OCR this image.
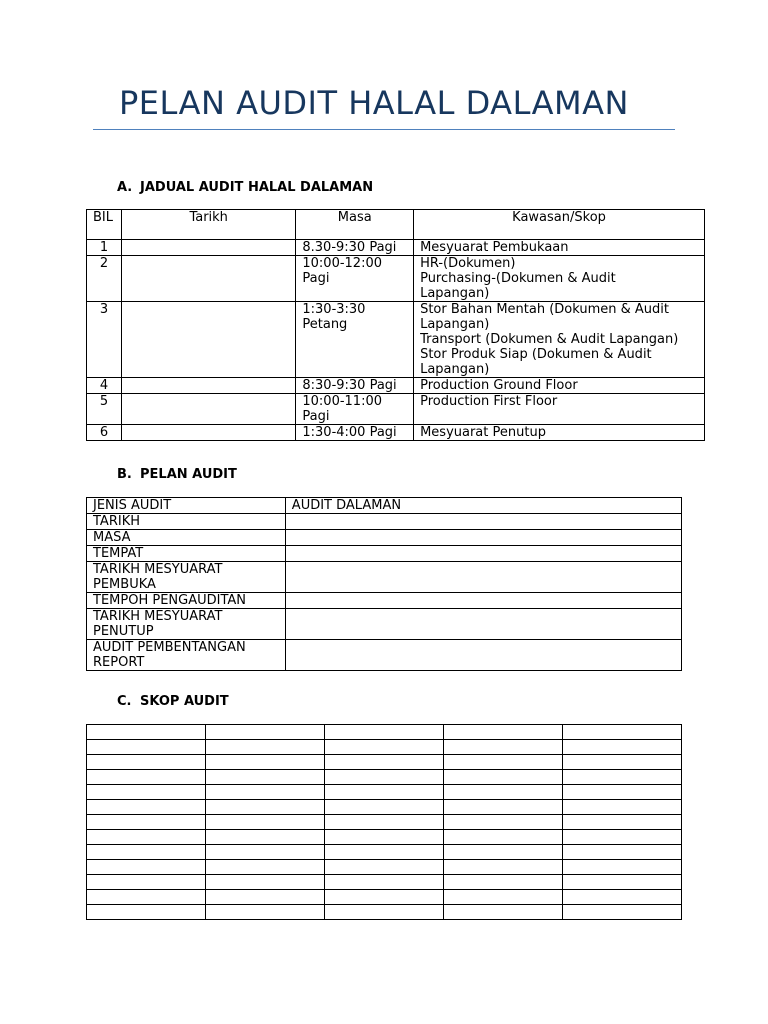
PELAN AUDIT HALAL DALAMAN
A. JADUAL AUDIT HALAL DALAMAN
BIL	Tarikh	Masa	Kawasan/Skop
1		8.30-9:30 Pagi	Mesyuarat Pembukaan

2		10:00-12:00 Pagi	HR-(Dokumen)
Purchasing-(Dokumen & Audit
Lapangan)

3		1:30-3:30 Petang	Stor Bahan Mentah (Dokumen & Audit
Lapangan)
Transport (Dokumen & Audit Lapangan)
Stor Produk Siap (Dokumen & Audit
Lapangan)

4		8:30-9:30 Pagi	Production Ground Floor

5		10:00-11:00 Pagi	Production First Floor

6		1:30-4:00 Pagi	Mesyuarat Penutup
B. PELAN AUDIT
JENIS AUDIT	AUDIT DALAMAN
TARIKH	
MASA	
TEMPAT	
TARIKH MESYUARAT PEMBUKA	
TEMPOH PENGAUDITAN	
TARIKH MESYUARAT PENUTUP	
AUDIT PEMBENTANGAN REPORT	
C. SKOP AUDIT
